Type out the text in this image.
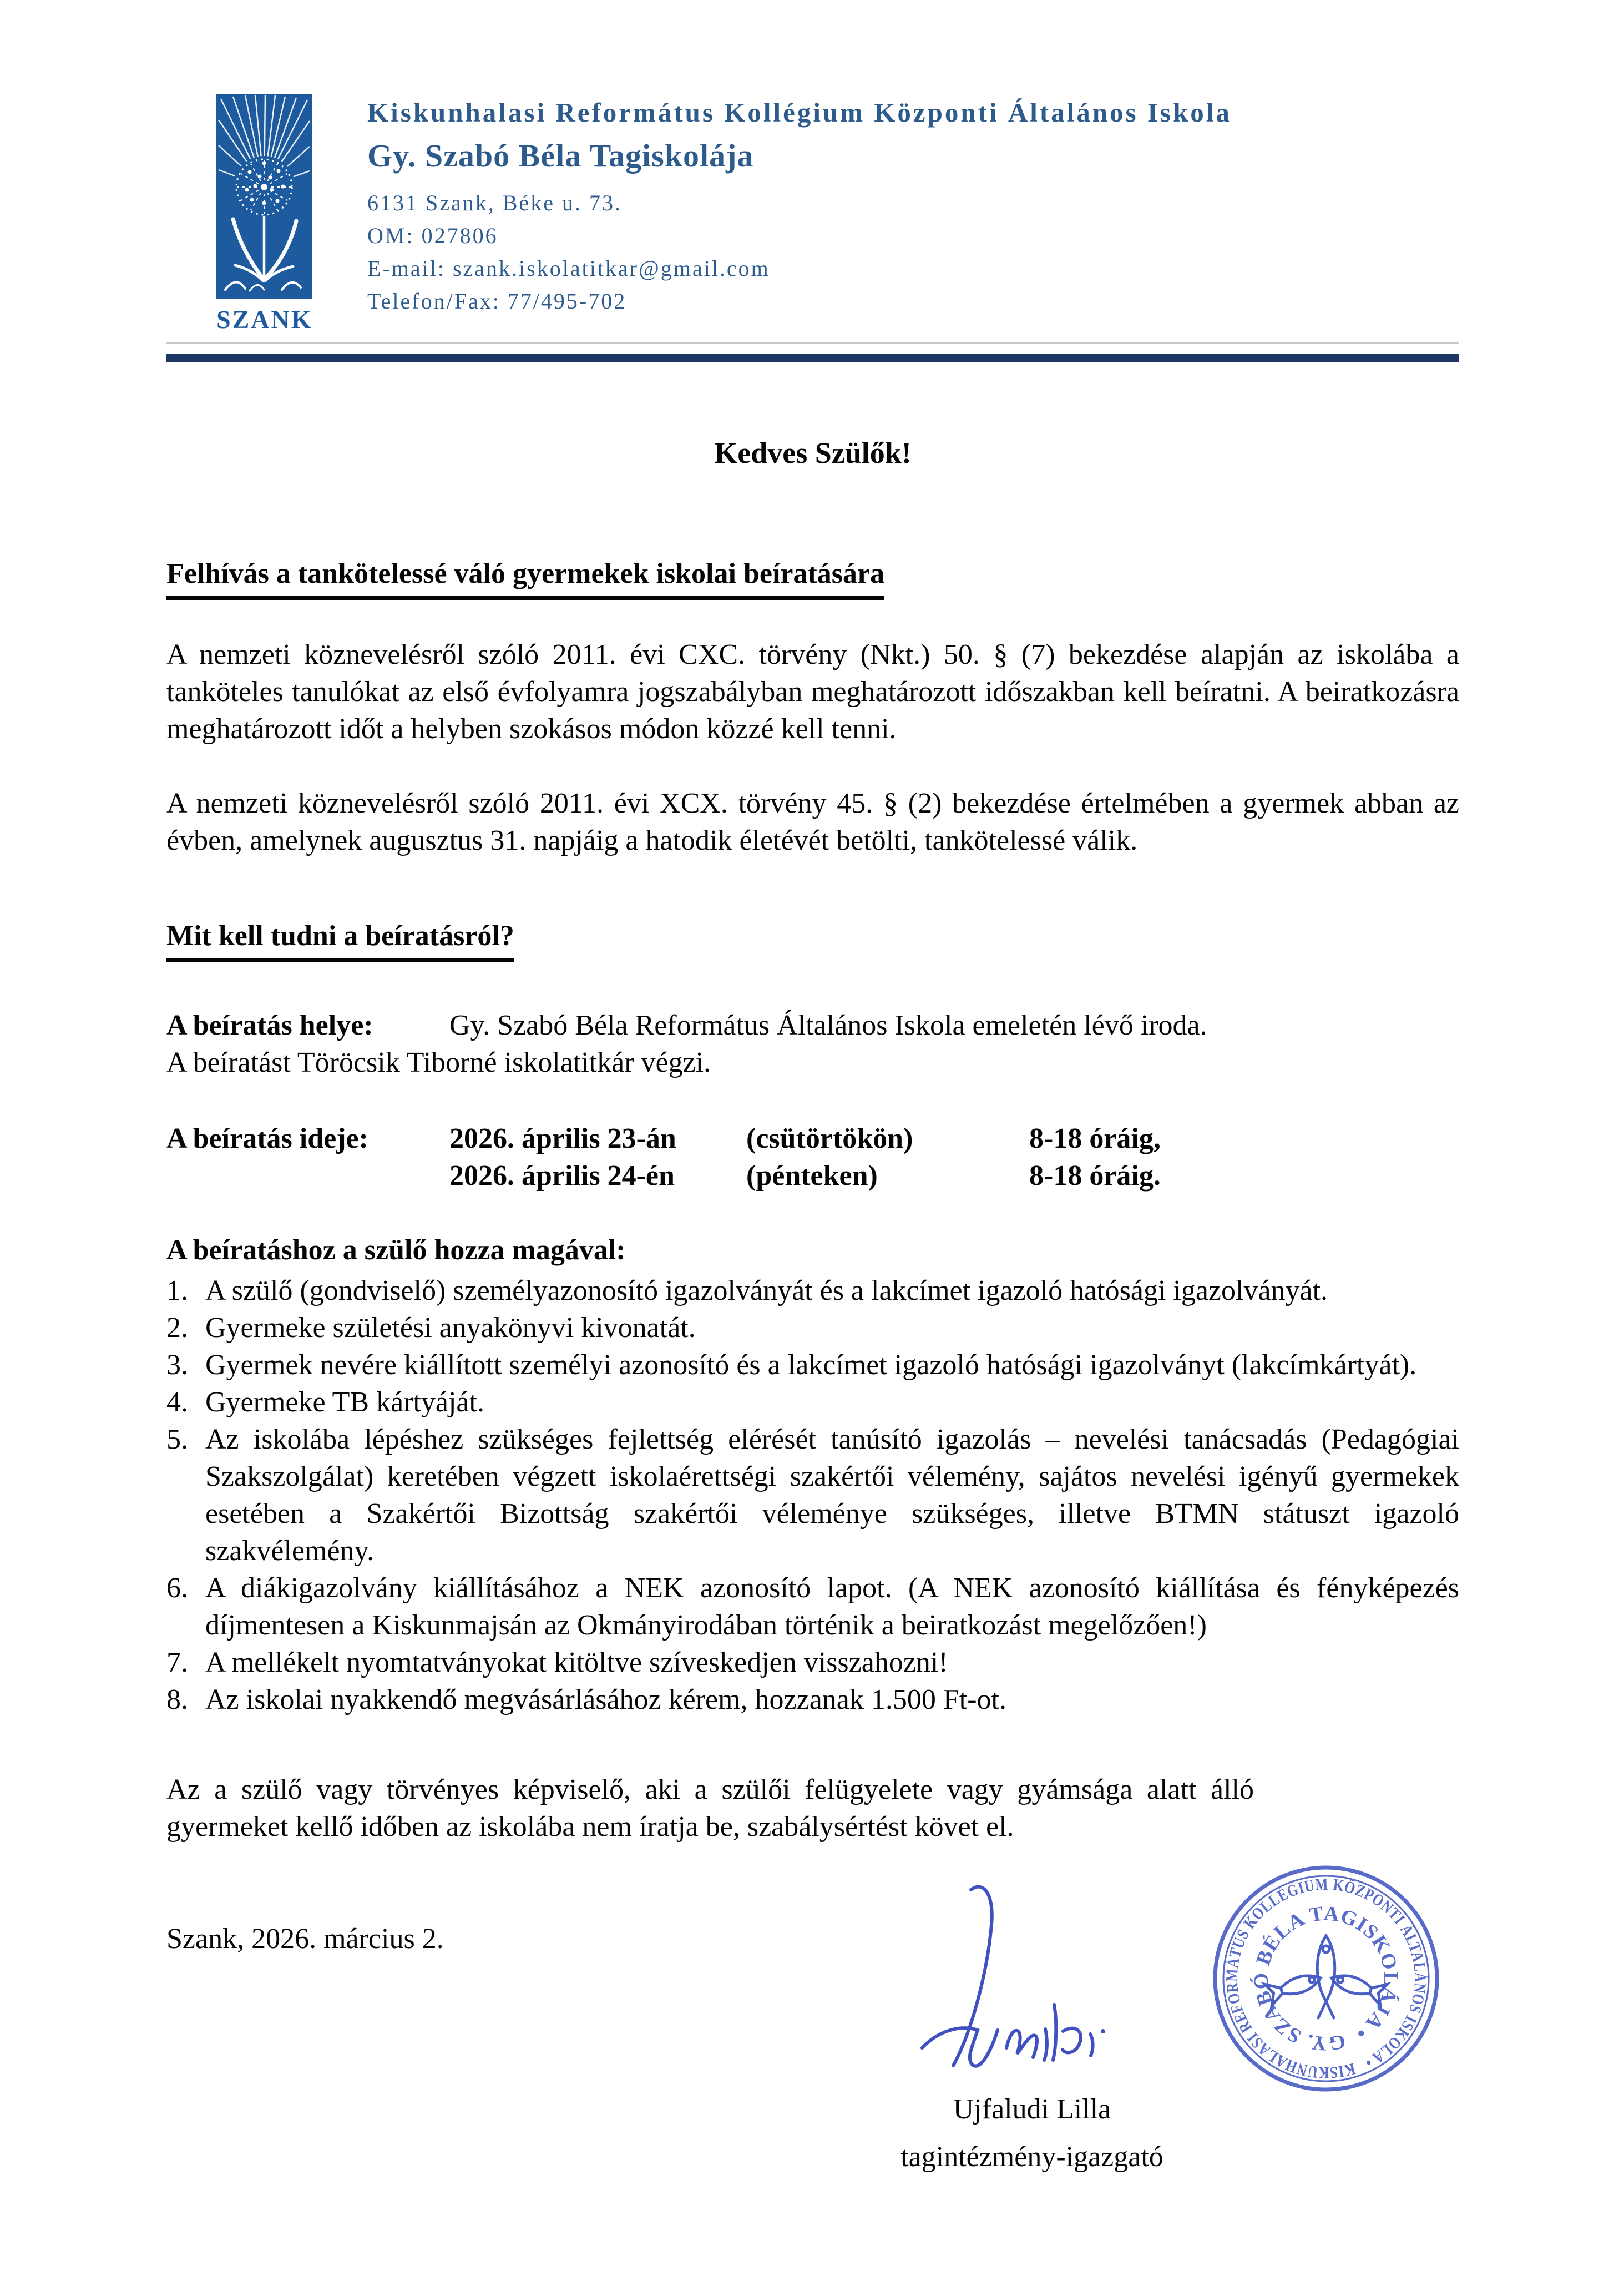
SZANK
Kiskunhalasi Református Kollégium Központi Általános Iskola
Gy. Szabó Béla Tagiskolája
6131 Szank, Béke u. 73.
OM: 027806
E-mail: szank.iskolatitkar@gmail.com
Telefon/Fax: 77/495-702

Kedves Szülők!

Felhívás a tankötelessé váló gyermekek iskolai beíratására

A nemzeti köznevelésről szóló 2011. évi CXC. törvény (Nkt.) 50. § (7) bekezdése alapján az iskolába a tanköteles tanulókat az első évfolyamra jogszabályban meghatározott időszakban kell beíratni. A beiratkozásra meghatározott időt a helyben szokásos módon közzé kell tenni.

A nemzeti köznevelésről szóló 2011. évi XCX. törvény 45. § (2) bekezdése értelmében a gyermek abban az évben, amelynek augusztus 31. napjáig a hatodik életévét betölti, tankötelessé válik.

Mit kell tudni a beíratásról?

A beíratás helye:	Gy. Szabó Béla Református Általános Iskola emeletén lévő iroda.
A beíratást Töröcsik Tiborné iskolatitkár végzi.
A beíratás ideje:	2026. április 23-án (csütörtökön)	8-18 óráig,
2026. április 24-én (pénteken)	8-18 óráig.

A beíratáshoz a szülő hozza magával:

1. A szülő (gondviselő) személyazonosító igazolványát és a lakcímet igazoló hatósági igazolványát.
2. Gyermeke születési anyakönyvi kivonatát.
3. Gyermek nevére kiállított személyi azonosító és a lakcímet igazoló hatósági igazolványt (lakcímkártyát).
4. Gyermeke TB kártyáját.
5. Az iskolába lépéshez szükséges fejlettség elérését tanúsító igazolás – nevelési tanácsadás (Pedagógiai Szakszolgálat) keretében végzett iskolaérettségi szakértői vélemény, sajátos nevelési igényű gyermekek esetében a Szakértői Bizottság szakértői véleménye szükséges, illetve BTMN státuszt igazoló szakvélemény.
6. A diákigazolvány kiállításához a NEK azonosító lapot. (A NEK azonosító kiállítása és fényképezés díjmentesen a Kiskunmajsán az Okmányirodában történik a beiratkozást megelőzően!)
7. A mellékelt nyomtatványokat kitöltve szíveskedjen visszahozni!
8. Az iskolai nyakkendő megvásárlásához kérem, hozzanak 1.500 Ft-ot.

Az a szülő vagy törvényes képviselő, aki a szülői felügyelete vagy gyámsága alatt álló gyermeket kellő időben az iskolába nem íratja be, szabálysértést követ el.

Szank, 2026. március 2.

KISKUNHALASI REFORMÁTUS KOLLÉGIUM KÖZPONTI ÁLTALÁNOS ISKOLA •
GY. SZABÓ BÉLA TAGISKOLÁJA •
Ujfaludi Lilla
tagintézmény-igazgató
